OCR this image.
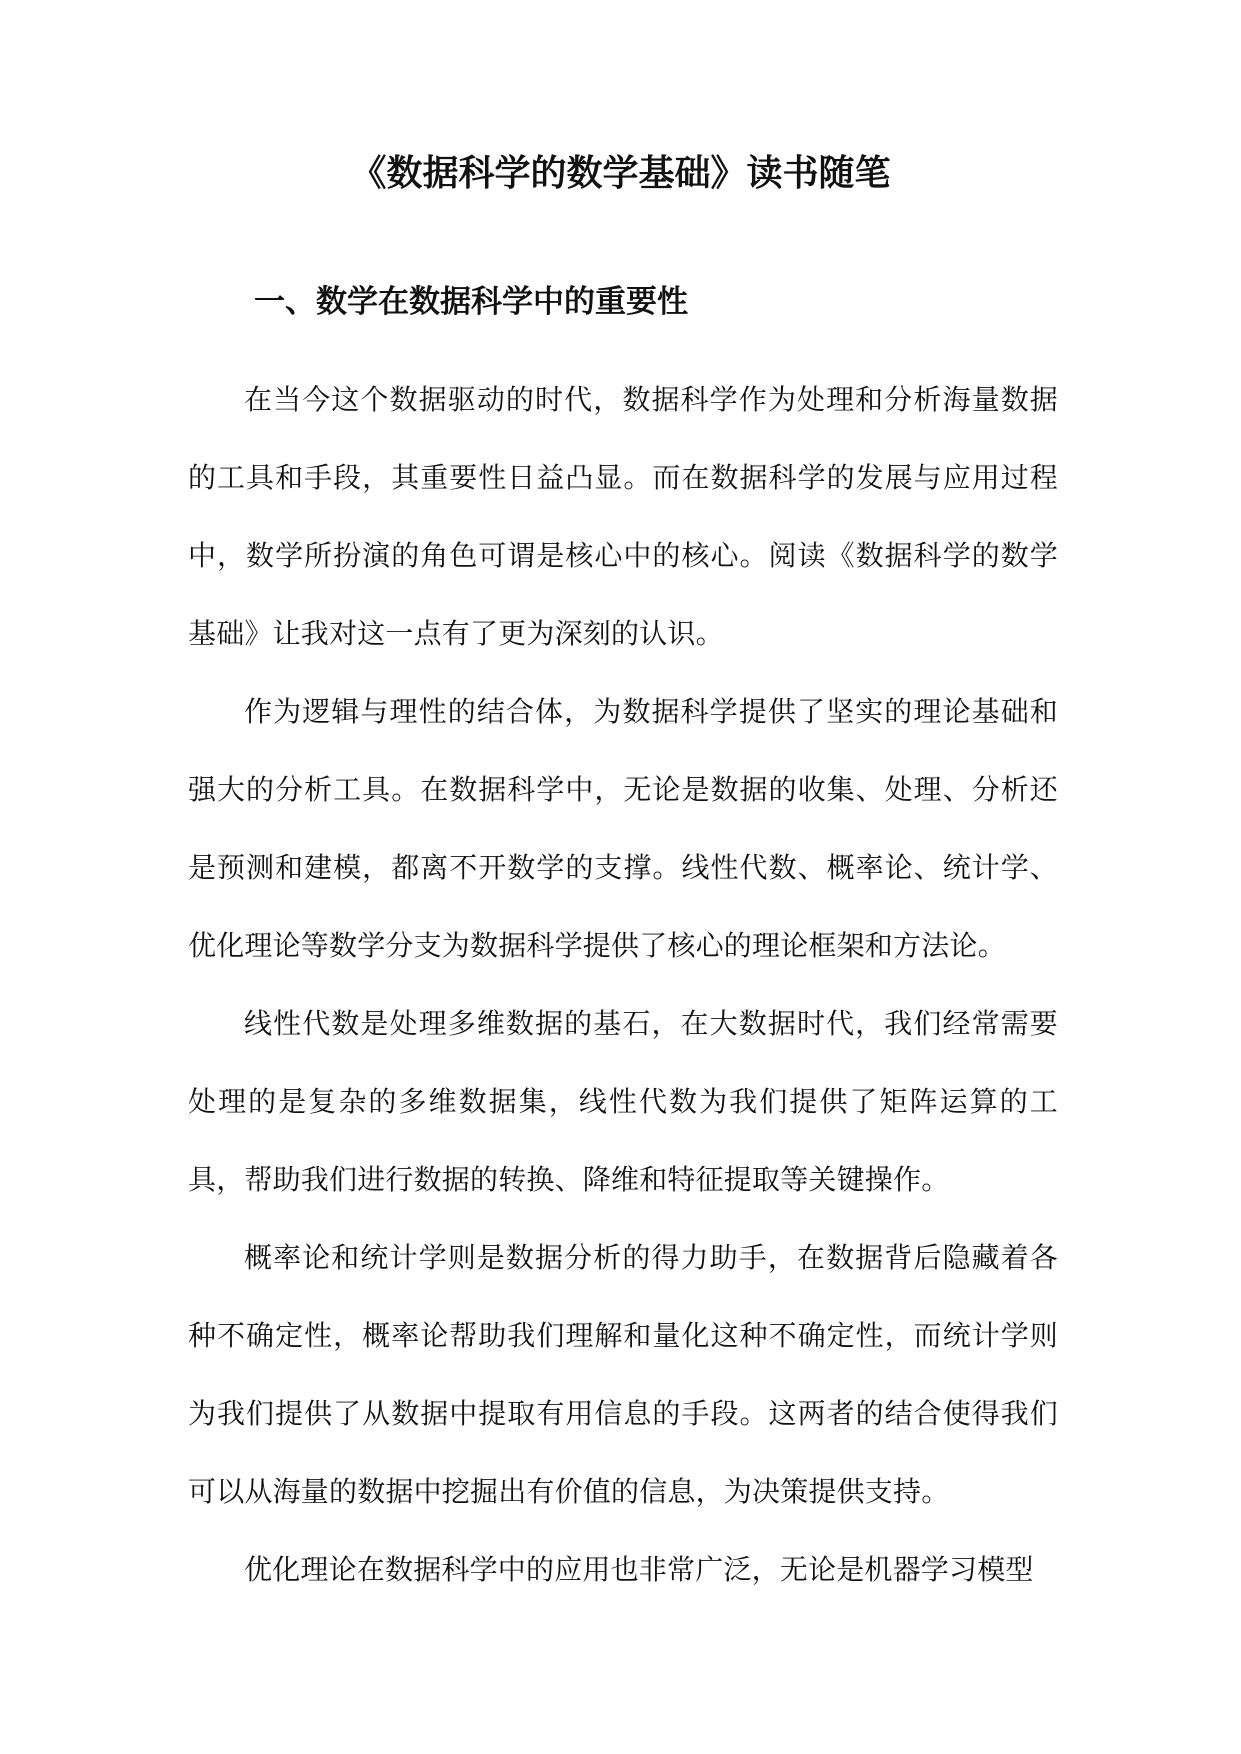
《数据科学的数学基础》读书随笔
一、数学在数据科学中的重要性

在当今这个数据驱动的时代，数据科学作为处理和分析海量数据的工具和手段，其重要性日益凸显。而在数据科学的发展与应用过程中，数学所扮演的角色可谓是核心中的核心。阅读《数据科学的数学基础》让我对这一点有了更为深刻的认识。

作为逻辑与理性的结合体，为数据科学提供了坚实的理论基础和强大的分析工具。在数据科学中，无论是数据的收集、处理、分析还是预测和建模，都离不开数学的支撑。线性代数、概率论、统计学、优化理论等数学分支为数据科学提供了核心的理论框架和方法论。

线性代数是处理多维数据的基石，在大数据时代，我们经常需要处理的是复杂的多维数据集，线性代数为我们提供了矩阵运算的工具，帮助我们进行数据的转换、降维和特征提取等关键操作。

概率论和统计学则是数据分析的得力助手，在数据背后隐藏着各种不确定性，概率论帮助我们理解和量化这种不确定性，而统计学则为我们提供了从数据中提取有用信息的手段。这两者的结合使得我们可以从海量的数据中挖掘出有价值的信息，为决策提供支持。

优化理论在数据科学中的应用也非常广泛，无论是机器学习模型
